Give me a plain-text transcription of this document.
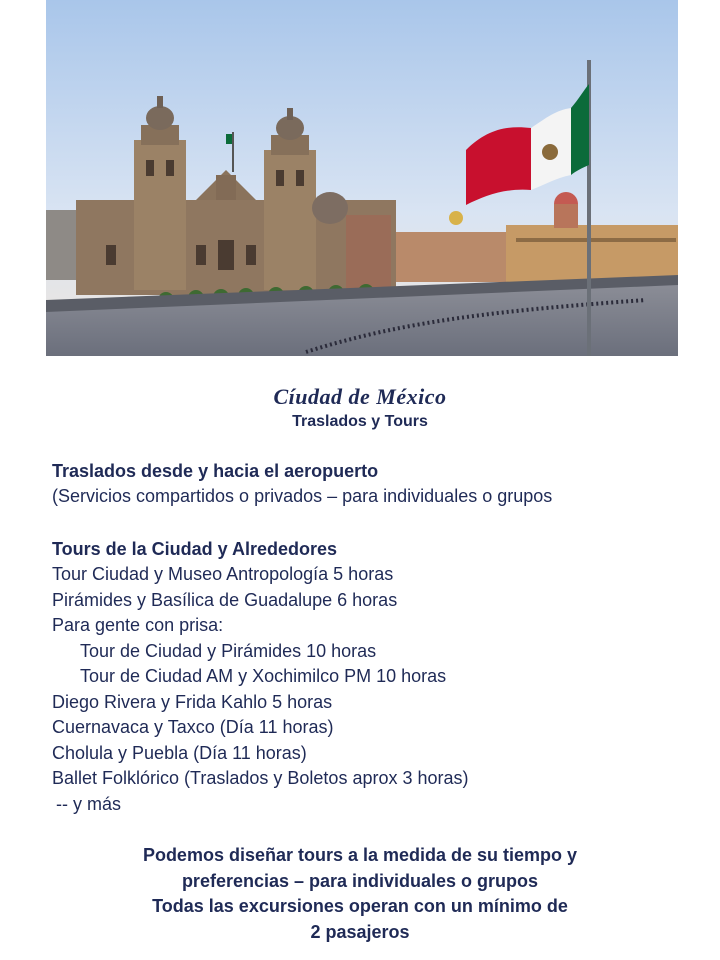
Cíudad de México
Traslados y Tours
Traslados desde y hacia el aeropuerto
(Servicios compartidos o privados – para individuales o grupos
Tours de la Ciudad y Alrededores
Tour Ciudad y Museo Antropología 5 horas
Pirámides y Basílica de Guadalupe 6 horas
Para gente con prisa:
Tour de Ciudad y Pirámides 10 horas
Tour de Ciudad AM y Xochimilco PM 10 horas
Diego Rivera y Frida Kahlo 5 horas
Cuernavaca y Taxco (Día 11 horas)
Cholula y Puebla (Día 11 horas)
Ballet Folklórico (Traslados y Boletos aprox 3 horas)
-- y más
Podemos diseñar tours a la medida de su tiempo y
preferencias – para individuales o grupos
Todas las excursiones operan con un mínimo de
2 pasajeros
